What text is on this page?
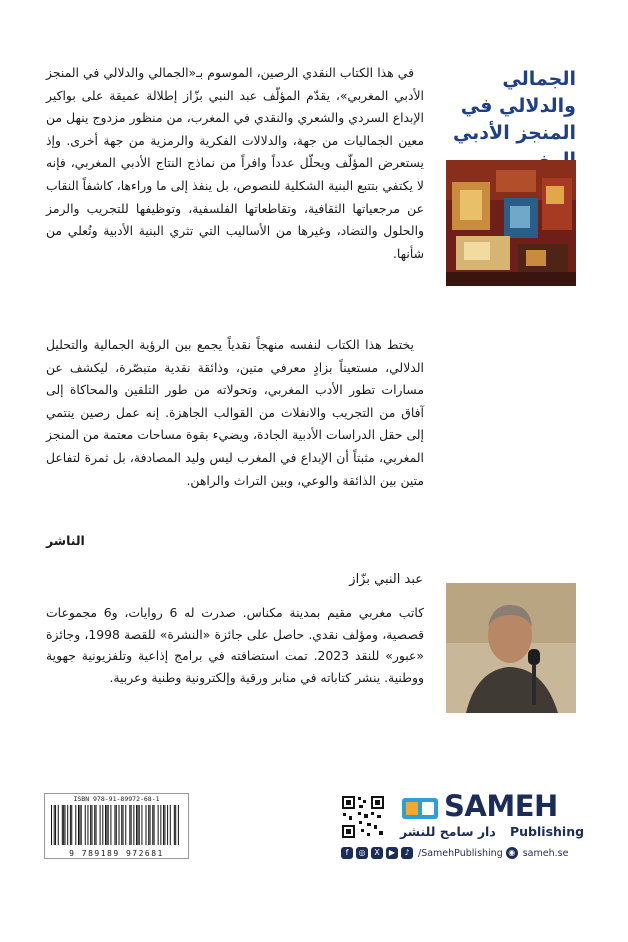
الجمالي والدلالي في المنجز الأدبي

في هذا الكتاب النقدي الرصين، الموسوم بـ«الجمالي والدلالي في المنجز الأدبي المغربي»، يقدّم المؤلّف عبد النبي بزّاز إطلالة عميقة على بواكير الإبداع السردي والشعري والنقدي في المغرب، من منظور مزدوج ينهل من معين الجماليات من جهة، والدلالات الفكرية والرمزية من جهة أخرى. وإذ يستعرض المؤلّف ويحلّل عدداً وافراً من نماذج النتاج الأدبي المغربي، فإنه لا يكتفي بتتبع البنية الشكلية للنصوص، بل ينفذ إلى ما وراءها، كاشفاً النقاب عن مرجعياتها الثقافية، وتقاطعاتها الفلسفية، وتوظيفها للتجريب والرمز والحلول والتضاد، وغيرها من الأساليب التي تثري البنية الأدبية وتُعلي من شأنها.

يختط هذا الكتاب لنفسه منهجاً نقدياً يجمع بين الرؤية الجمالية والتحليل الدلالي، مستعيناً بزادٍ معرفي متين، وذائقة نقدية متبصّرة، ليكشف عن مسارات تطور الأدب المغربي، وتحولاته من طور التلقين والمحاكاة إلى آفاق من التجريب والانفلات من القوالب الجاهزة. إنه عمل رصين ينتمي إلى حقل الدراسات الأدبية الجادة، ويضيء بقوة مساحات معتمة من المنجز المغربي، مثبتاً أن الإبداع في المغرب ليس وليد المصادفة، بل ثمرة لتفاعل متين بين الذائقة والوعي، وبين التراث والراهن.

الناشر
عبد النبي بزّاز

كاتب مغربي مقيم بمدينة مكناس. صدرت له 6 روايات، و6 مجموعات قصصية، ومؤلف نقدي. حاصل على جائزة «النشرة» للقصة 1998، وجائزة «عبور» للنقد 2023. تمت استضافته في برامج إذاعية وتلفزيونية جهوية ووطنية. ينشر كتاباته في منابر ورقية وإلكترونية وطنية وعربية.

ISBN 978-91-89972-68-1
9 789189 972681
SAMEH
دار سامح للنشر Publishing
f	◎	X	▶	♪ /SamehPublishing ◉ sameh.se
